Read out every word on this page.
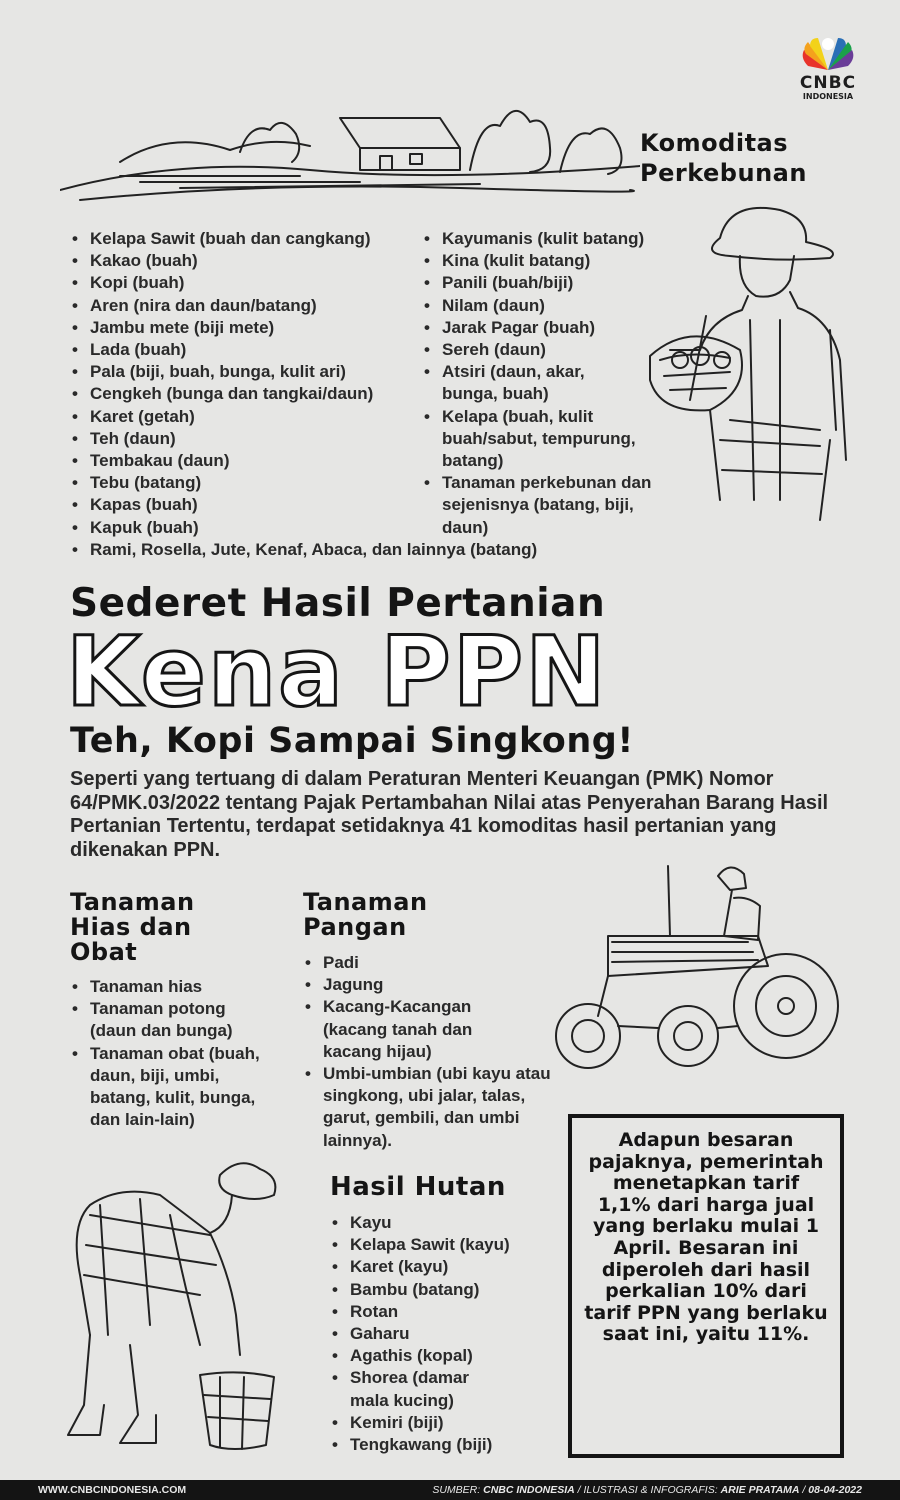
CNBC
INDONESIA
Komoditas
Perkebunan
• Kelapa Sawit (buah dan cangkang)
• Kakao (buah)
• Kopi (buah)
• Aren (nira dan daun/batang)
• Jambu mete (biji mete)
• Lada (buah)
• Pala (biji, buah, bunga, kulit ari)
• Cengkeh (bunga dan tangkai/daun)
• Karet (getah)
• Teh (daun)
• Tembakau (daun)
• Tebu (batang)
• Kapas (buah)
• Kapuk (buah)
• Rami, Rosella, Jute, Kenaf, Abaca, dan lainnya (batang)
• Kayumanis (kulit batang)
• Kina (kulit batang)
• Panili (buah/biji)
• Nilam (daun)
• Jarak Pagar (buah)
• Sereh (daun)
• Atsiri (daun, akar, bunga, buah)
• Kelapa (buah, kulit buah/sabut, tempurung, batang)
• Tanaman perkebunan dan sejenisnya (batang, biji, daun)
Sederet Hasil Pertanian
Kena PPN
Teh, Kopi Sampai Singkong!
Seperti yang tertuang di dalam Peraturan Menteri Keuangan (PMK) Nomor 64/PMK.03/2022 tentang Pajak Pertambahan Nilai atas Penyerahan Barang Hasil Pertanian Tertentu, terdapat setidaknya 41 komoditas hasil pertanian yang dikenakan PPN.
Tanaman
Hias dan
Obat
• Tanaman hias
• Tanaman potong (daun dan bunga)
• Tanaman obat (buah, daun, biji, umbi, batang, kulit, bunga, dan lain-lain)
Tanaman
Pangan
• Padi
• Jagung
• Kacang-Kacangan (kacang tanah dan kacang hijau)
• Umbi-umbian (ubi kayu atau singkong, ubi jalar, talas, garut, gembili, dan umbi lainnya).
Hasil Hutan
• Kayu
• Kelapa Sawit (kayu)
• Karet (kayu)
• Bambu (batang)
• Rotan
• Gaharu
• Agathis (kopal)
• Shorea (damar mala kucing)
• Kemiri (biji)
• Tengkawang (biji)
Adapun besaran pajaknya, pemerintah menetapkan tarif 1,1% dari harga jual yang berlaku mulai 1 April. Besaran ini diperoleh dari hasil perkalian 10% dari tarif PPN yang berlaku saat ini, yaitu 11%.
WWW.CNBCINDONESIA.COM	SUMBER: CNBC INDONESIA / ILUSTRASI & INFOGRAFIS: ARIE PRATAMA / 08-04-2022
